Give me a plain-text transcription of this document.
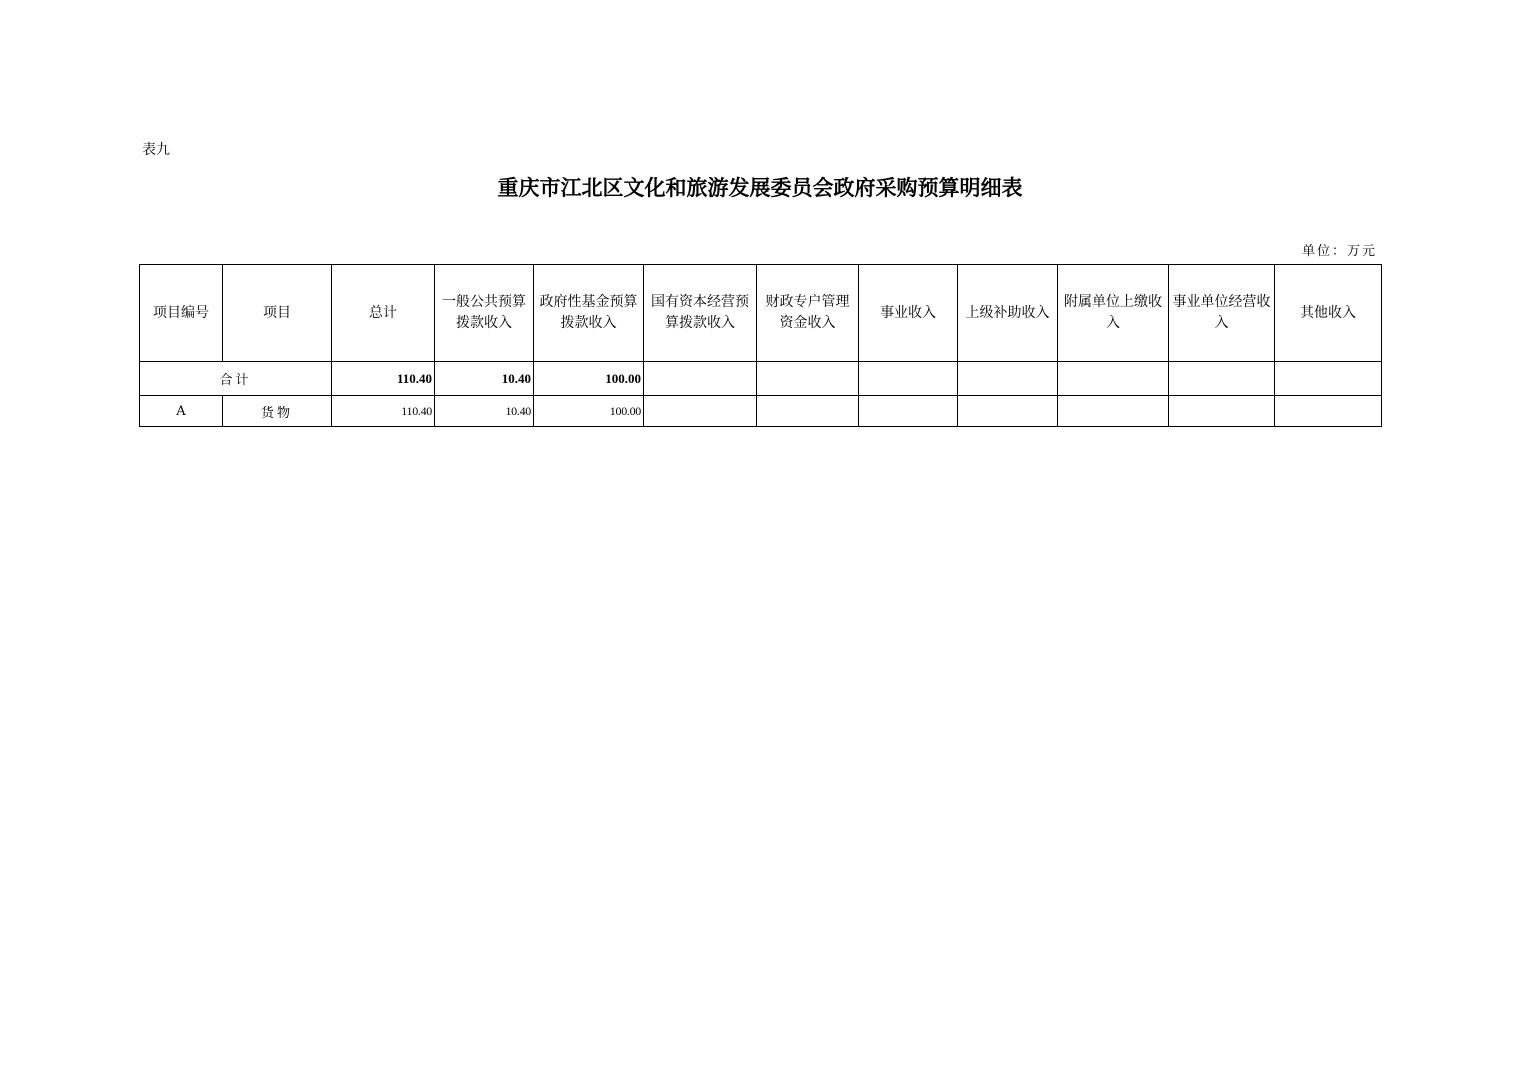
表九
重庆市江北区文化和旅游发展委员会政府采购预算明细表
单位：万元
项目编号	项目	总计	一般公共预算拨款收入	政府性基金预算拨款收入	国有资本经营预算拨款收入	财政专户管理资金收入	事业收入	上级补助收入	附属单位上缴收入	事业单位经营收入	其他收入
合计		110.40	10.40	100.00							
A	货物	110.40	10.40	100.00							
